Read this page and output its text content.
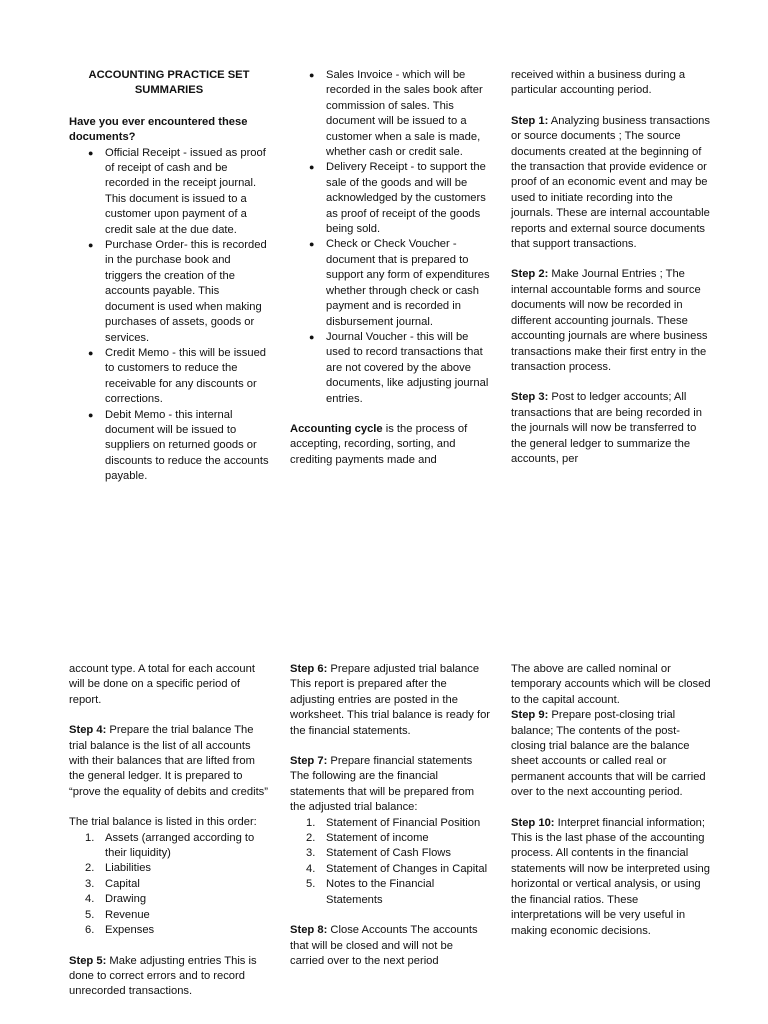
ACCOUNTING PRACTICE SET SUMMARIES

Have you ever encountered these documents?

● Official Receipt - issued as proof of receipt of cash and be recorded in the receipt journal. This document is issued to a customer upon payment of a credit sale at the due date.
● Purchase Order- this is recorded in the purchase book and triggers the creation of the accounts payable. This document is used when making purchases of assets, goods or services.
● Credit Memo - this will be issued to customers to reduce the receivable for any discounts or corrections.
● Debit Memo - this internal document will be issued to suppliers on returned goods or discounts to reduce the accounts payable.
● Sales Invoice - which will be recorded in the sales book after commission of sales. This document will be issued to a customer when a sale is made, whether cash or credit sale.
● Delivery Receipt - to support the sale of the goods and will be acknowledged by the customers as proof of receipt of the goods being sold.
● Check or Check Voucher - document that is prepared to support any form of expenditures whether through check or cash payment and is recorded in disbursement journal.
● Journal Voucher - this will be used to record transactions that are not covered by the above documents, like adjusting journal entries.

Accounting cycle is the process of accepting, recording, sorting, and crediting payments made and

received within a business during a particular accounting period.

Step 1: Analyzing business transactions or source documents ; The source documents created at the beginning of the transaction that provide evidence or proof of an economic event and may be used to initiate recording into the journals. These are internal accountable reports and external source documents that support transactions.

Step 2: Make Journal Entries ; The internal accountable forms and source documents will now be recorded in different accounting journals. These accounting journals are where business transactions make their first entry in the transaction process.

Step 3: Post to ledger accounts; All transactions that are being recorded in the journals will now be transferred to the general ledger to summarize the accounts, per

account type. A total for each account will be done on a specific period of report.

Step 4: Prepare the trial balance The trial balance is the list of all accounts with their balances that are lifted from the general ledger. It is prepared to “prove the equality of debits and credits”

The trial balance is listed in this order:

1. Assets (arranged according to their liquidity)
2. Liabilities
3. Capital
4. Drawing
5. Revenue
6. Expenses

Step 5: Make adjusting entries This is done to correct errors and to record unrecorded transactions.

Step 6: Prepare adjusted trial balance This report is prepared after the adjusting entries are posted in the worksheet. This trial balance is ready for the financial statements.

Step 7: Prepare financial statements The following are the financial statements that will be prepared from the adjusted trial balance:

1. Statement of Financial Position
2. Statement of income
3. Statement of Cash Flows
4. Statement of Changes in Capital
5. Notes to the Financial Statements

Step 8: Close Accounts The accounts that will be closed and will not be carried over to the next period

The above are called nominal or temporary accounts which will be closed to the capital account.

Step 9: Prepare post-closing trial balance; The contents of the post-closing trial balance are the balance sheet accounts or called real or permanent accounts that will be carried over to the next accounting period.

Step 10: Interpret financial information; This is the last phase of the accounting process. All contents in the financial statements will now be interpreted using horizontal or vertical analysis, or using the financial ratios. These interpretations will be very useful in making economic decisions.
